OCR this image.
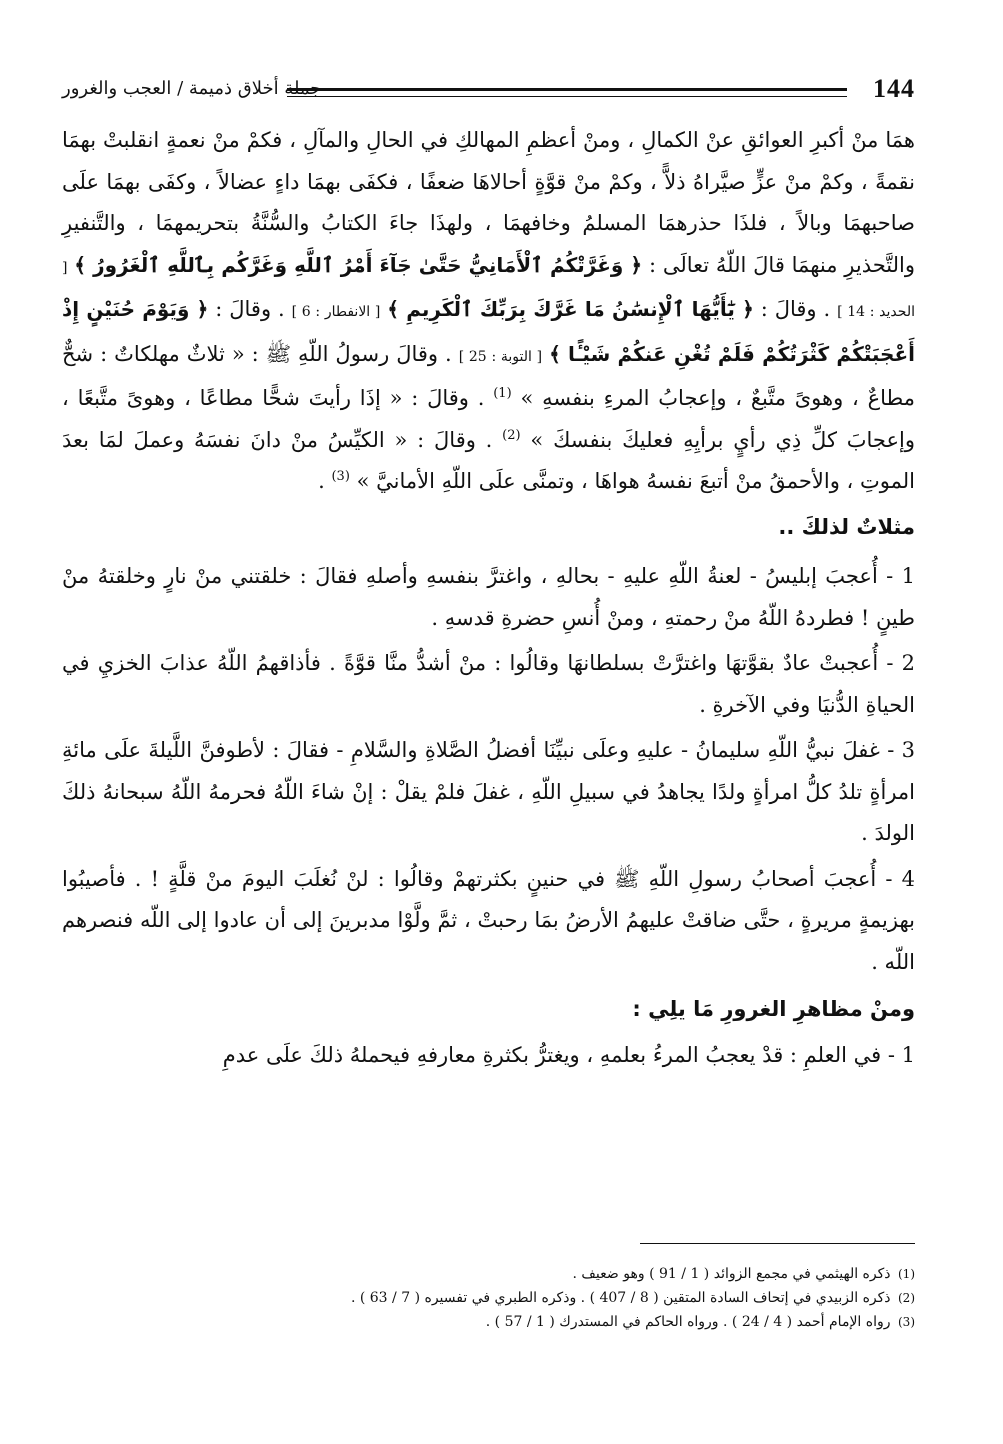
144
جملة أخلاق ذميمة / العجب والغرور

همَا منْ أكبرِ العوائقِ عنْ الكمالِ ، ومنْ أعظمِ المهالكِ في الحالِ والمآلِ ، فكمْ منْ نعمةٍ انقلبتْ بهمَا نقمةً ، وكمْ منْ عزٍّ صيَّراهُ ذلاًّ ، وكمْ منْ قوَّةٍ أحالاهَا ضعفًا ، فكفَى بهمَا داءٍ عضالاً ، وكفَى بهمَا علَى صاحبهمَا وبالاً ، فلذَا حذرهمَا المسلمُ وخافهمَا ، ولهذَا جاءَ الكتابُ والسُّنَّةُ بتحريمهمَا ، والتَّنفيرِ والتَّحذيرِ منهمَا قالَ اللّهُ تعالَى : ﴿ وَغَرَّتْكُمُ ٱلْأَمَانِيُّ حَتَّىٰ جَآءَ أَمْرُ ٱللَّهِ وَغَرَّكُم بِٱللَّهِ ٱلْغَرُورُ ﴾ [ الحديد : 14 ] . وقالَ : ﴿ يَٰٓأَيُّهَا ٱلْإِنسَٰنُ مَا غَرَّكَ بِرَبِّكَ ٱلْكَرِيمِ ﴾ [ الانفطار : 6 ] . وقالَ : ﴿ وَيَوْمَ حُنَيْنٍ إِذْ أَعْجَبَتْكُمْ كَثْرَتُكُمْ فَلَمْ تُغْنِ عَنكُمْ شَيْـًٔا ﴾ [ التوبة : 25 ] . وقالَ رسولُ اللّهِ ﷺ : « ثلاثٌ مهلكاتٌ : شحٌّ مطاعٌ ، وهوىً متَّبعٌ ، وإعجابُ المرءِ بنفسهِ » $^{(1)}$ . وقالَ : « إذَا رأيتَ شحًّا مطاعًا ، وهوىً متَّبعًا ، وإعجابَ كلِّ ذِي رأيٍ برأيِهِ فعليكَ بنفسكَ » $^{(2)}$ . وقالَ : « الكيِّسُ منْ دانَ نفسَهُ وعملَ لمَا بعدَ الموتِ ، والأحمقُ منْ أتبعَ نفسهُ هواهَا ، وتمنَّى علَى اللّهِ الأمانيَّ » $^{(3)}$ .

مثلاتٌ لذلكَ ..

1 - أُعجبَ إبليسُ - لعنةُ اللّهِ عليهِ - بحالهِ ، واغترَّ بنفسهِ وأصلهِ فقالَ : خلقتني منْ نارٍ وخلقتهُ منْ طينٍ ! فطردهُ اللّهُ منْ رحمتهِ ، ومنْ أُنسِ حضرةِ قدسهِ .

2 - أُعجبتْ عادٌ بقوَّتهَا واغترَّتْ بسلطانهَا وقالُوا : منْ أشدُّ منَّا قوَّةً . فأذاقهمُ اللّهُ عذابَ الخزيِ في الحياةِ الدُّنيَا وفي الآخرةِ .

3 - غفلَ نبيُّ اللّهِ سليمانُ - عليهِ وعلَى نبيِّنَا أفضلُ الصَّلاةِ والسَّلامِ - فقالَ : لأطوفنَّ اللَّيلةَ علَى مائةِ امرأةٍ تلدُ كلُّ امرأةٍ ولدًا يجاهدُ في سبيلِ اللّهِ ، غفلَ فلمْ يقلْ : إنْ شاءَ اللّهُ فحرمهُ اللّهُ سبحانهُ ذلكَ الولدَ .

4 - أُعجبَ أصحابُ رسولِ اللّهِ ﷺ في حنينٍ بكثرتهمْ وقالُوا : لنْ نُغلَبَ اليومَ منْ قلَّةٍ ! . فأصيبُوا بهزيمةٍ مريرةٍ ، حتَّى ضاقتْ عليهمُ الأرضُ بمَا رحبتْ ، ثمَّ ولَّوْا مدبرينَ إلى أن عادوا إلى اللّه فنصرهم اللّه .

ومنْ مظاهرِ الغرورِ مَا يلِي :

1 - في العلمِ : قدْ يعجبُ المرءُ بعلمهِ ، ويغترُّ بكثرةِ معارفهِ فيحملهُ ذلكَ علَى عدمِ

(1) ذكره الهيثمي في مجمع الزوائد ( 1 / 91 ) وهو ضعيف .

(2) ذكره الزبيدي في إتحاف السادة المتقين ( 8 / 407 ) . وذكره الطبري في تفسيره ( 7 / 63 ) .

(3) رواه الإمام أحمد ( 4 / 24 ) . ورواه الحاكم في المستدرك ( 1 / 57 ) .
